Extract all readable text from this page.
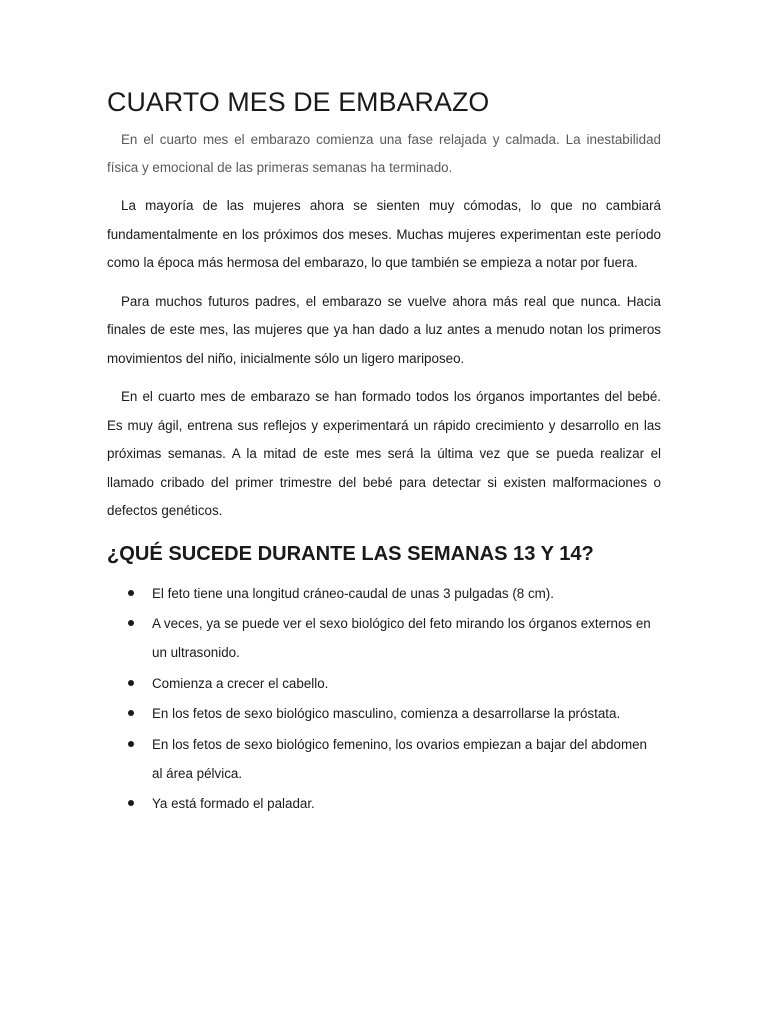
CUARTO MES DE EMBARAZO

En el cuarto mes el embarazo comienza una fase relajada y calmada. La inestabilidad física y emocional de las primeras semanas ha terminado.

La mayoría de las mujeres ahora se sienten muy cómodas, lo que no cambiará fundamentalmente en los próximos dos meses. Muchas mujeres experimentan este período como la época más hermosa del embarazo, lo que también se empieza a notar por fuera.

Para muchos futuros padres, el embarazo se vuelve ahora más real que nunca. Hacia finales de este mes, las mujeres que ya han dado a luz antes a menudo notan los primeros movimientos del niño, inicialmente sólo un ligero mariposeo.

En el cuarto mes de embarazo se han formado todos los órganos importantes del bebé. Es muy ágil, entrena sus reflejos y experimentará un rápido crecimiento y desarrollo en las próximas semanas. A la mitad de este mes será la última vez que se pueda realizar el llamado cribado del primer trimestre del bebé para detectar si existen malformaciones o defectos genéticos.

¿QUÉ SUCEDE DURANTE LAS SEMANAS 13 Y 14?
El feto tiene una longitud cráneo-caudal de unas 3 pulgadas (8 cm).
A veces, ya se puede ver el sexo biológico del feto mirando los órganos externos en un ultrasonido.
Comienza a crecer el cabello.
En los fetos de sexo biológico masculino, comienza a desarrollarse la próstata.
En los fetos de sexo biológico femenino, los ovarios empiezan a bajar del abdomen al área pélvica.
Ya está formado el paladar.
